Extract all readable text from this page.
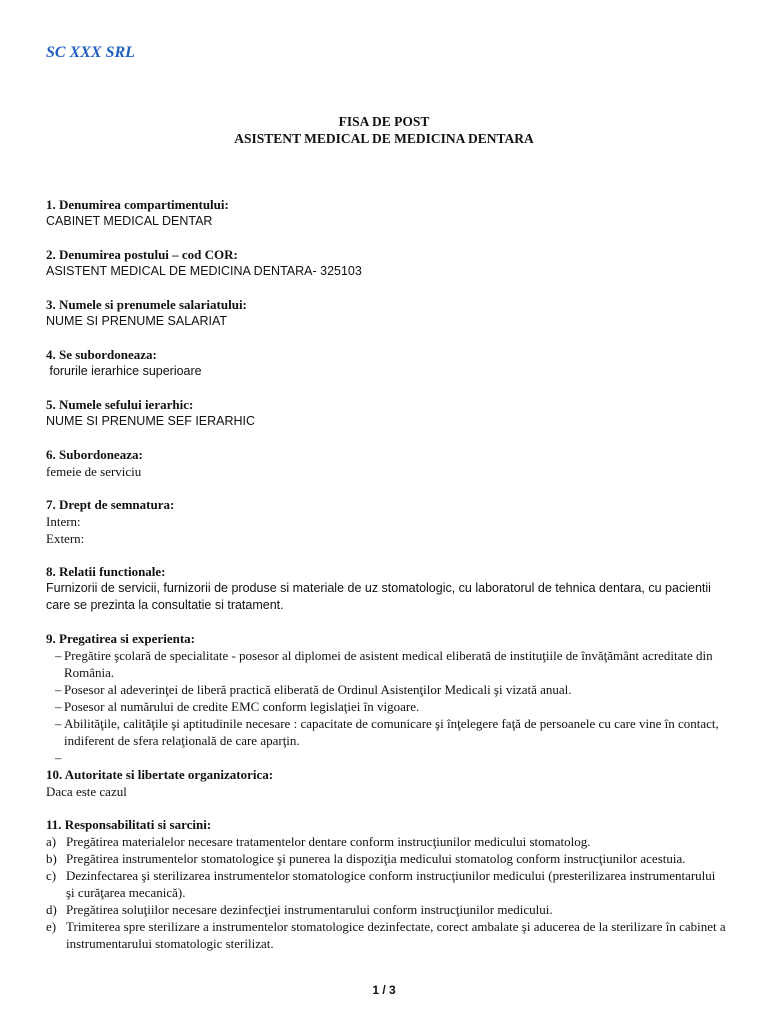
SC XXX SRL
FISA DE POST
ASISTENT MEDICAL DE MEDICINA DENTARA
1. Denumirea compartimentului:
CABINET MEDICAL DENTAR
2. Denumirea postului – cod COR:
ASISTENT MEDICAL DE MEDICINA DENTARA- 325103
3. Numele si prenumele salariatului:
NUME SI PRENUME SALARIAT
4. Se subordoneaza:
forurile ierarhice superioare
5. Numele sefului ierarhic:
NUME SI PRENUME SEF IERARHIC
6. Subordoneaza:
femeie de serviciu
7. Drept de semnatura:
Intern:
Extern:
8. Relatii functionale:
Furnizorii de servicii, furnizorii de produse si materiale de uz stomatologic, cu laboratorul de tehnica dentara, cu pacientii care se prezinta la consultatie si tratament.
9. Pregatirea si experienta:
– Pregătire şcolară de specialitate - posesor al diplomei de asistent medical eliberată de instituţiile de învăţământ acreditate din România.
– Posesor al adeverinţei de liberă practică eliberată de Ordinul Asistenţilor Medicali şi vizată anual.
– Posesor al numărului de credite EMC conform legislaţiei în vigoare.
– Abilităţile, calităţile şi aptitudinile necesare : capacitate de comunicare şi înţelegere faţă de persoanele cu care vine în contact, indiferent de sfera relaţională de care aparţin.
–
10. Autoritate si libertate organizatorica:
Daca este cazul
11. Responsabilitati si sarcini:
a) Pregătirea materialelor necesare tratamentelor dentare conform instrucţiunilor medicului stomatolog.
b) Pregătirea instrumentelor stomatologice şi punerea la dispoziţia medicului stomatolog conform instrucţiunilor acestuia.
c) Dezinfectarea şi sterilizarea instrumentelor stomatologice conform instrucţiunilor medicului (presterilizarea instrumentarului şi curăţarea mecanică).
d) Pregătirea soluţiilor necesare dezinfecţiei instrumentarului conform instrucţiunilor medicului.
e) Trimiterea spre sterilizare a instrumentelor stomatologice dezinfectate, corect ambalate şi aducerea de la sterilizare în cabinet a instrumentarului stomatologic sterilizat.
1 / 3
